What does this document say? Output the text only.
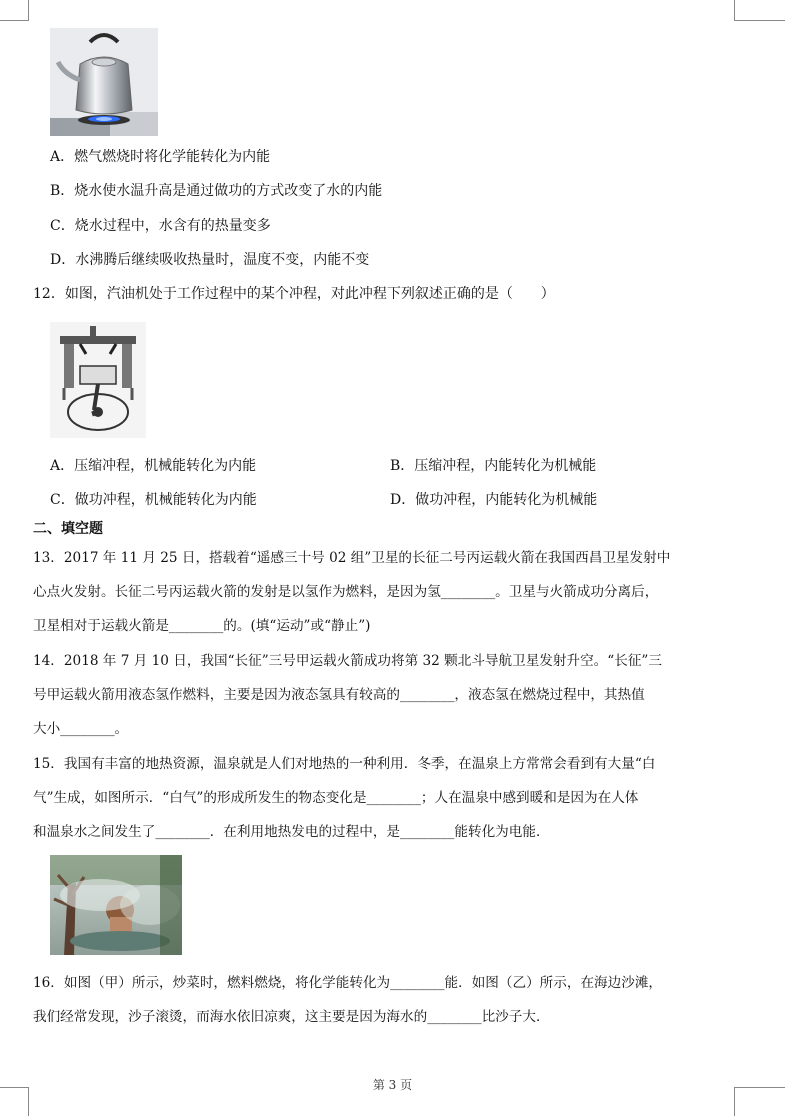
A．燃气燃烧时将化学能转化为内能
B．烧水使水温升高是通过做功的方式改变了水的内能
C．烧水过程中，水含有的热量变多
D．水沸腾后继续吸收热量时，温度不变，内能不变
12．如图，汽油机处于工作过程中的某个冲程，对此冲程下列叙述正确的是（　　）
A．压缩冲程，机械能转化为内能	B．压缩冲程，内能转化为机械能
C．做功冲程，机械能转化为内能	D．做功冲程，内能转化为机械能
二、填空题
13．2017 年 11 月 25 日，搭载着“遥感三十号 02 组”卫星的长征二号丙运载火箭在我国西昌卫星发射中
心点火发射。长征二号丙运载火箭的发射是以氢作为燃料，是因为氢________。卫星与火箭成功分离后，
卫星相对于运载火箭是________的。(填“运动”或“静止”)
14．2018 年 7 月 10 日，我国“长征”三号甲运载火箭成功将第 32 颗北斗导航卫星发射升空。“长征”三
号甲运载火箭用液态氢作燃料，主要是因为液态氢具有较高的________，液态氢在燃烧过程中，其热值
大小________。
15．我国有丰富的地热资源，温泉就是人们对地热的一种利用．冬季，在温泉上方常常会看到有大量“白
气”生成，如图所示．“白气”的形成所发生的物态变化是________；人在温泉中感到暖和是因为在人体
和温泉水之间发生了________．在利用地热发电的过程中，是________能转化为电能．
16．如图（甲）所示，炒菜时，燃料燃烧，将化学能转化为________能．如图（乙）所示，在海边沙滩，
我们经常发现，沙子滚烫，而海水依旧凉爽，这主要是因为海水的________比沙子大．
第 3 页
